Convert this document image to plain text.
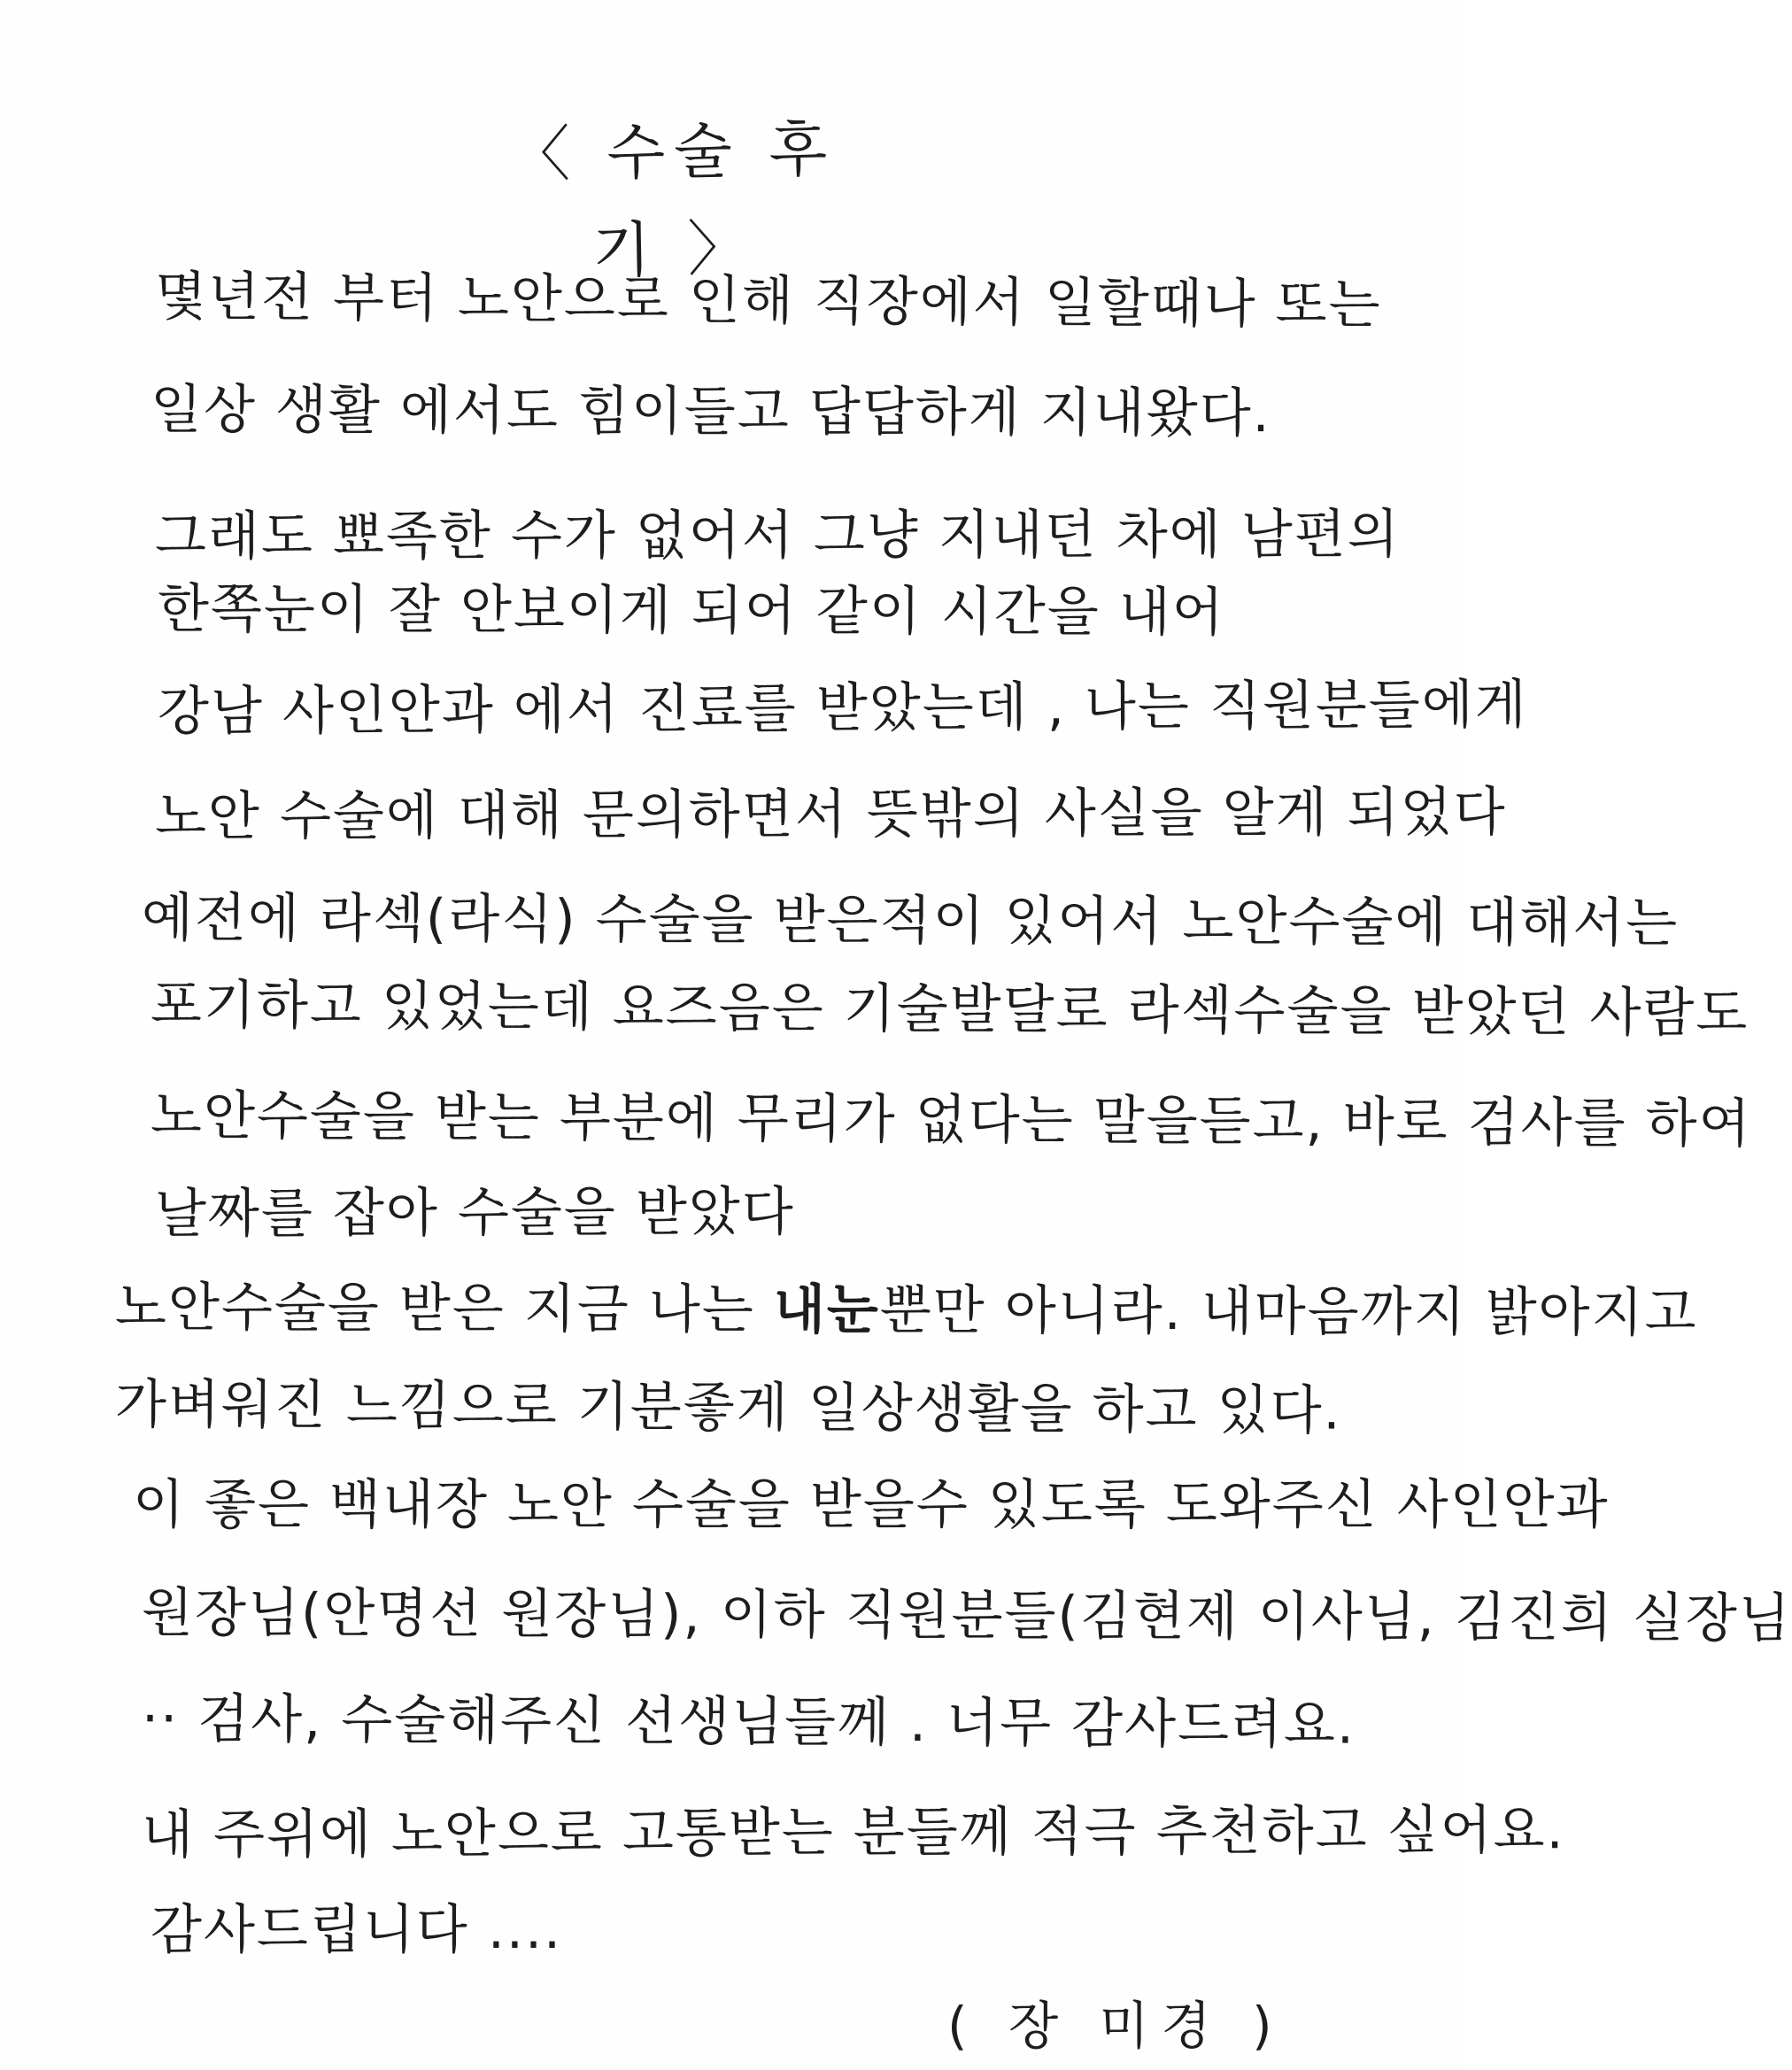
〈 수술 후기 〉
몇년전 부터 노안으로 인해 직장에서 일할때나 또는
일상 생활 에서도 힘이들고 답답하게 지내왔다.
그래도 뾰족한 수가 없어서 그냥 지내던 차에 남편의
한쪽눈이 잘 안보이게 되어 같이 시간을 내어
강남 사인안과 에서 진료를 받았는데 , 나는 직원분들에게
노안 수술에 대해 문의하면서 뜻밖의 사실을 알게 되었다
예전에 라섹(라식) 수술을 받은적이 있어서 노안수술에 대해서는
포기하고 있었는데 요즈음은 기술발달로 라섹수술을 받았던 사람도
노안수술을 받는 부분에 무리가 없다는 말을듣고, 바로 검사를 하여
날짜를 잡아 수술을 받았다
노안수술을 받은 지금 나는 내눈뿐만 아니라. 내마음까지 밝아지고
가벼워진 느낌으로 기분좋게 일상생활을 하고 있다.
이 좋은 백내장 노안 수술을 받을수 있도록 도와주신 사인안과
원장님(안명선 원장님), 이하 직원분들(김현제 이사님, 김진희 실장님
·· 검사, 수술해주신 선생님들께 . 너무 감사드려요.
내 주위에 노안으로 고통받는 분들께 적극 추천하고 싶어요.
감사드립니다 ....
( 장 미경 )
